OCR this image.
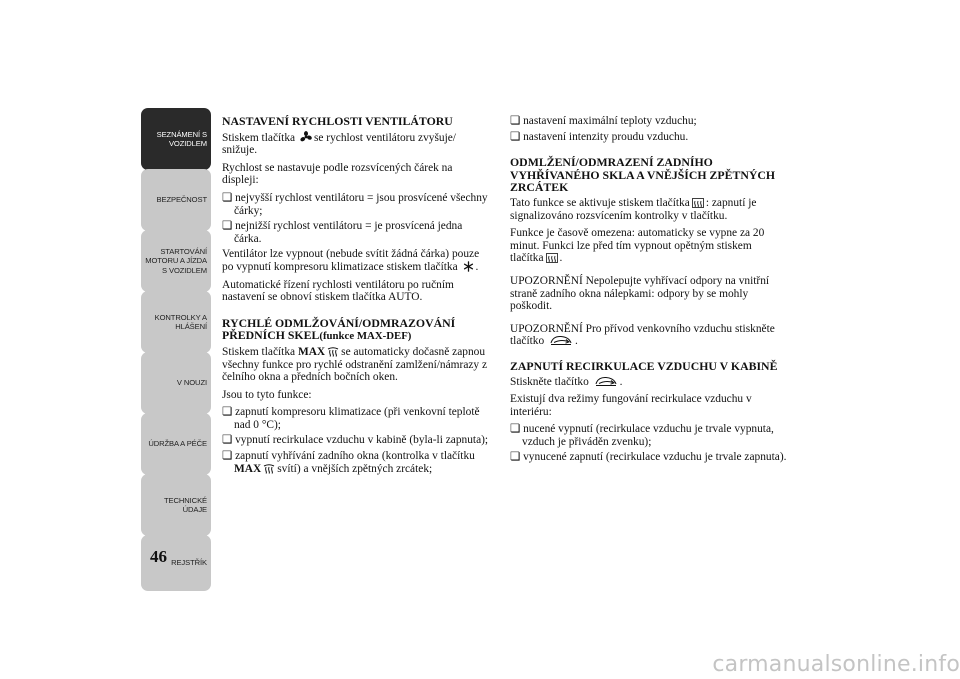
SEZNÁMENÍ S
VOZIDLEM
BEZPEČNOST
STARTOVÁNÍ
MOTORU A JÍZDA
S VOZIDLEM
KONTROLKY A
HLÁŠENÍ
V NOUZI
ÚDRŽBA A PÉČE
TECHNICKÉ
ÚDAJE
REJSTŘÍK
46
NASTAVENÍ RYCHLOSTI VENTILÁTORU

Stiskem tlačítka se rychlost ventilátoru zvyšuje/ snižuje.

Rychlost se nastavuje podle rozsvícených čárek na displeji:

❏ nejvyšší rychlost ventilátoru = jsou prosvícené všechny čárky;

❏ nejnižší rychlost ventilátoru = je prosvícená jedna čárka.

Ventilátor lze vypnout (nebude svítit žádná čárka) pouze po vypnutí kompresoru klimatizace stiskem tlačítka .

Automatické řízení rychlosti ventilátoru po ručním nastavení se obnoví stiskem tlačítka AUTO.

RYCHLÉ ODMLŽOVÁNÍ/ODMRAZOVÁNÍ PŘEDNÍCH SKEL(funkce MAX-DEF)

Stiskem tlačítka MAX se automaticky dočasně zapnou všechny funkce pro rychlé odstranění zamlžení/námrazy z čelního okna a předních bočních oken.

Jsou to tyto funkce:

❏ zapnutí kompresoru klimatizace (při venkovní teplotě nad 0 °C);

❏ vypnutí recirkulace vzduchu v kabině (byla-li zapnuta);

❏ zapnutí vyhřívání zadního okna (kontrolka v tlačítku MAX svítí) a vnějších zpětných zrcátek;

❏ nastavení maximální teploty vzduchu;

❏ nastavení intenzity proudu vzduchu.

ODMLŽENÍ/ODMRAZENÍ ZADNÍHO VYHŘÍVANÉHO SKLA A VNĚJŠÍCH ZPĚTNÝCH ZRCÁTEK

Tato funkce se aktivuje stiskem tlačítka : zapnutí je signalizováno rozsvícením kontrolky v tlačítku.

Funkce je časově omezena: automaticky se vypne za 20 minut. Funkci lze před tím vypnout opětným stiskem tlačítka .

UPOZORNĚNÍ Nepolepujte vyhřívací odpory na vnitřní straně zadního okna nálepkami: odpory by se mohly poškodit.

UPOZORNĚNÍ Pro přívod venkovního vzduchu stiskněte tlačítko	.

ZAPNUTÍ RECIRKULACE VZDUCHU V KABINĚ

Stiskněte tlačítko	.

Existují dva režimy fungování recirkulace vzduchu v interiéru:

❏ nucené vypnutí (recirkulace vzduchu je trvale vypnuta, vzduch je přiváděn zvenku);

❏ vynucené zapnutí (recirkulace vzduchu je trvale zapnuta).

carmanualsonline.info
